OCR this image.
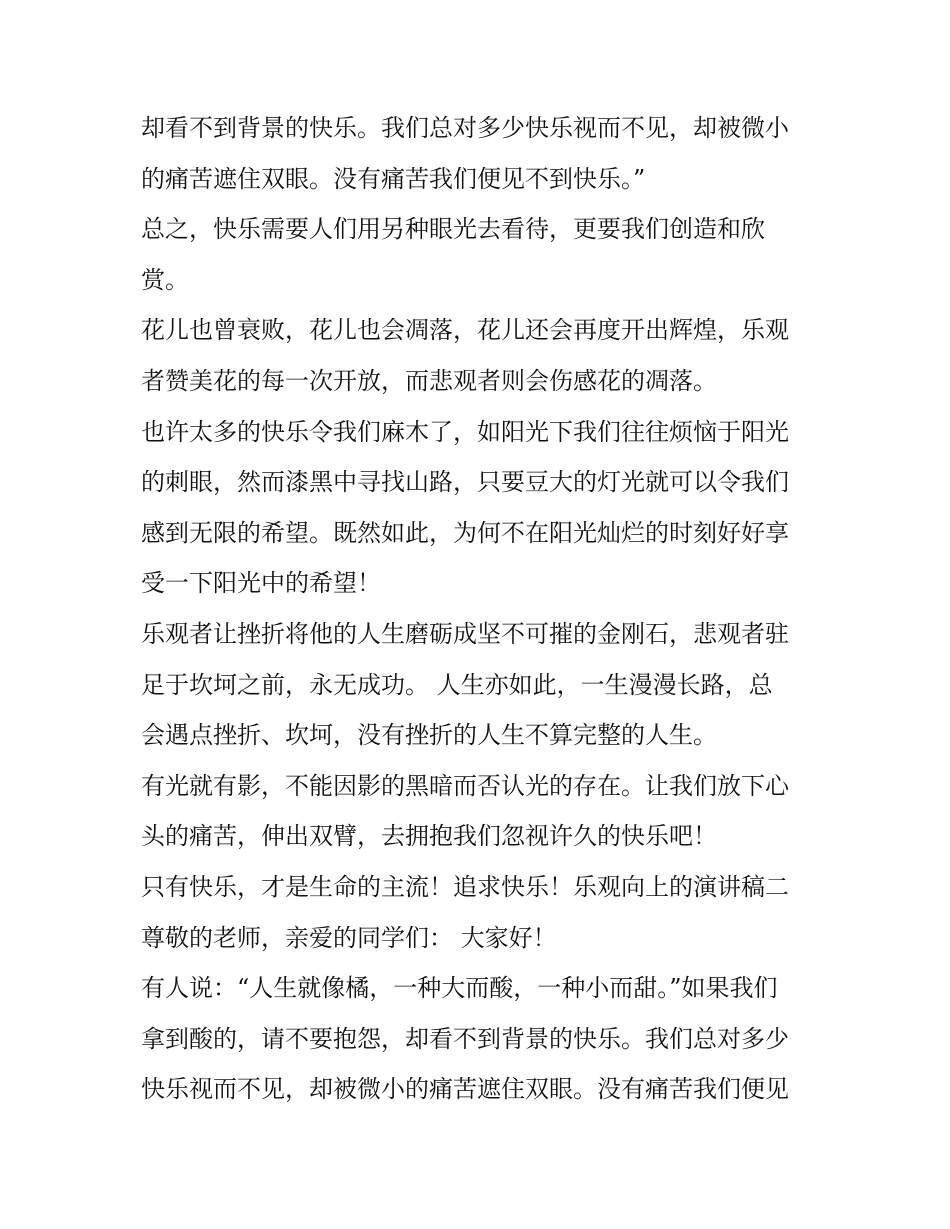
却看不到背景的快乐。我们总对多少快乐视而不见，却被微小
的痛苦遮住双眼。没有痛苦我们便见不到快乐。”
总之，快乐需要人们用另种眼光去看待，更要我们创造和欣
赏。
花儿也曾衰败，花儿也会凋落，花儿还会再度开出辉煌，乐观
者赞美花的每一次开放，而悲观者则会伤感花的凋落。
也许太多的快乐令我们麻木了，如阳光下我们往往烦恼于阳光
的刺眼，然而漆黑中寻找山路，只要豆大的灯光就可以令我们
感到无限的希望。既然如此，为何不在阳光灿烂的时刻好好享
受一下阳光中的希望！
乐观者让挫折将他的人生磨砺成坚不可摧的金刚石，悲观者驻
足于坎坷之前，永无成功。 人生亦如此，一生漫漫长路，总
会遇点挫折、坎坷，没有挫折的人生不算完整的人生。
有光就有影，不能因影的黑暗而否认光的存在。让我们放下心
头的痛苦，伸出双臂，去拥抱我们忽视许久的快乐吧！
只有快乐，才是生命的主流！追求快乐！乐观向上的演讲稿二
尊敬的老师，亲爱的同学们： 大家好！
有人说：“人生就像橘，一种大而酸，一种小而甜。”如果我们
拿到酸的，请不要抱怨，却看不到背景的快乐。我们总对多少
快乐视而不见，却被微小的痛苦遮住双眼。没有痛苦我们便见
